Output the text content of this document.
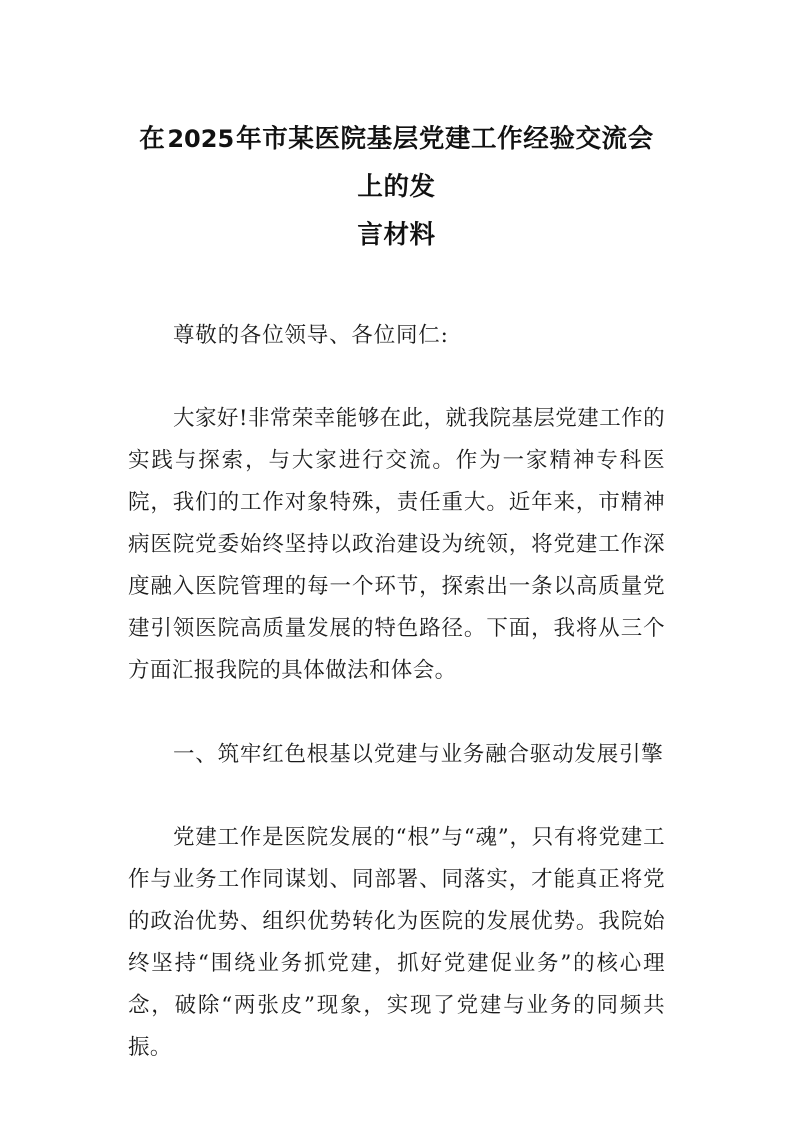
在2025年市某医院基层党建工作经验交流会上的发
言材料

尊敬的各位领导、各位同仁:

大家好!非常荣幸能够在此，就我院基层党建工作的实践与探索，与大家进行交流。作为一家精神专科医院，我们的工作对象特殊，责任重大。近年来，市精神病医院党委始终坚持以政治建设为统领，将党建工作深度融入医院管理的每一个环节，探索出一条以高质量党建引领医院高质量发展的特色路径。下面，我将从三个方面汇报我院的具体做法和体会。

一、筑牢红色根基以党建与业务融合驱动发展引擎

党建工作是医院发展的“根”与“魂”，只有将党建工作与业务工作同谋划、同部署、同落实，才能真正将党的政治优势、组织优势转化为医院的发展优势。我院始终坚持“围绕业务抓党建，抓好党建促业务”的核心理念，破除“两张皮”现象，实现了党建与业务的同频共振。
